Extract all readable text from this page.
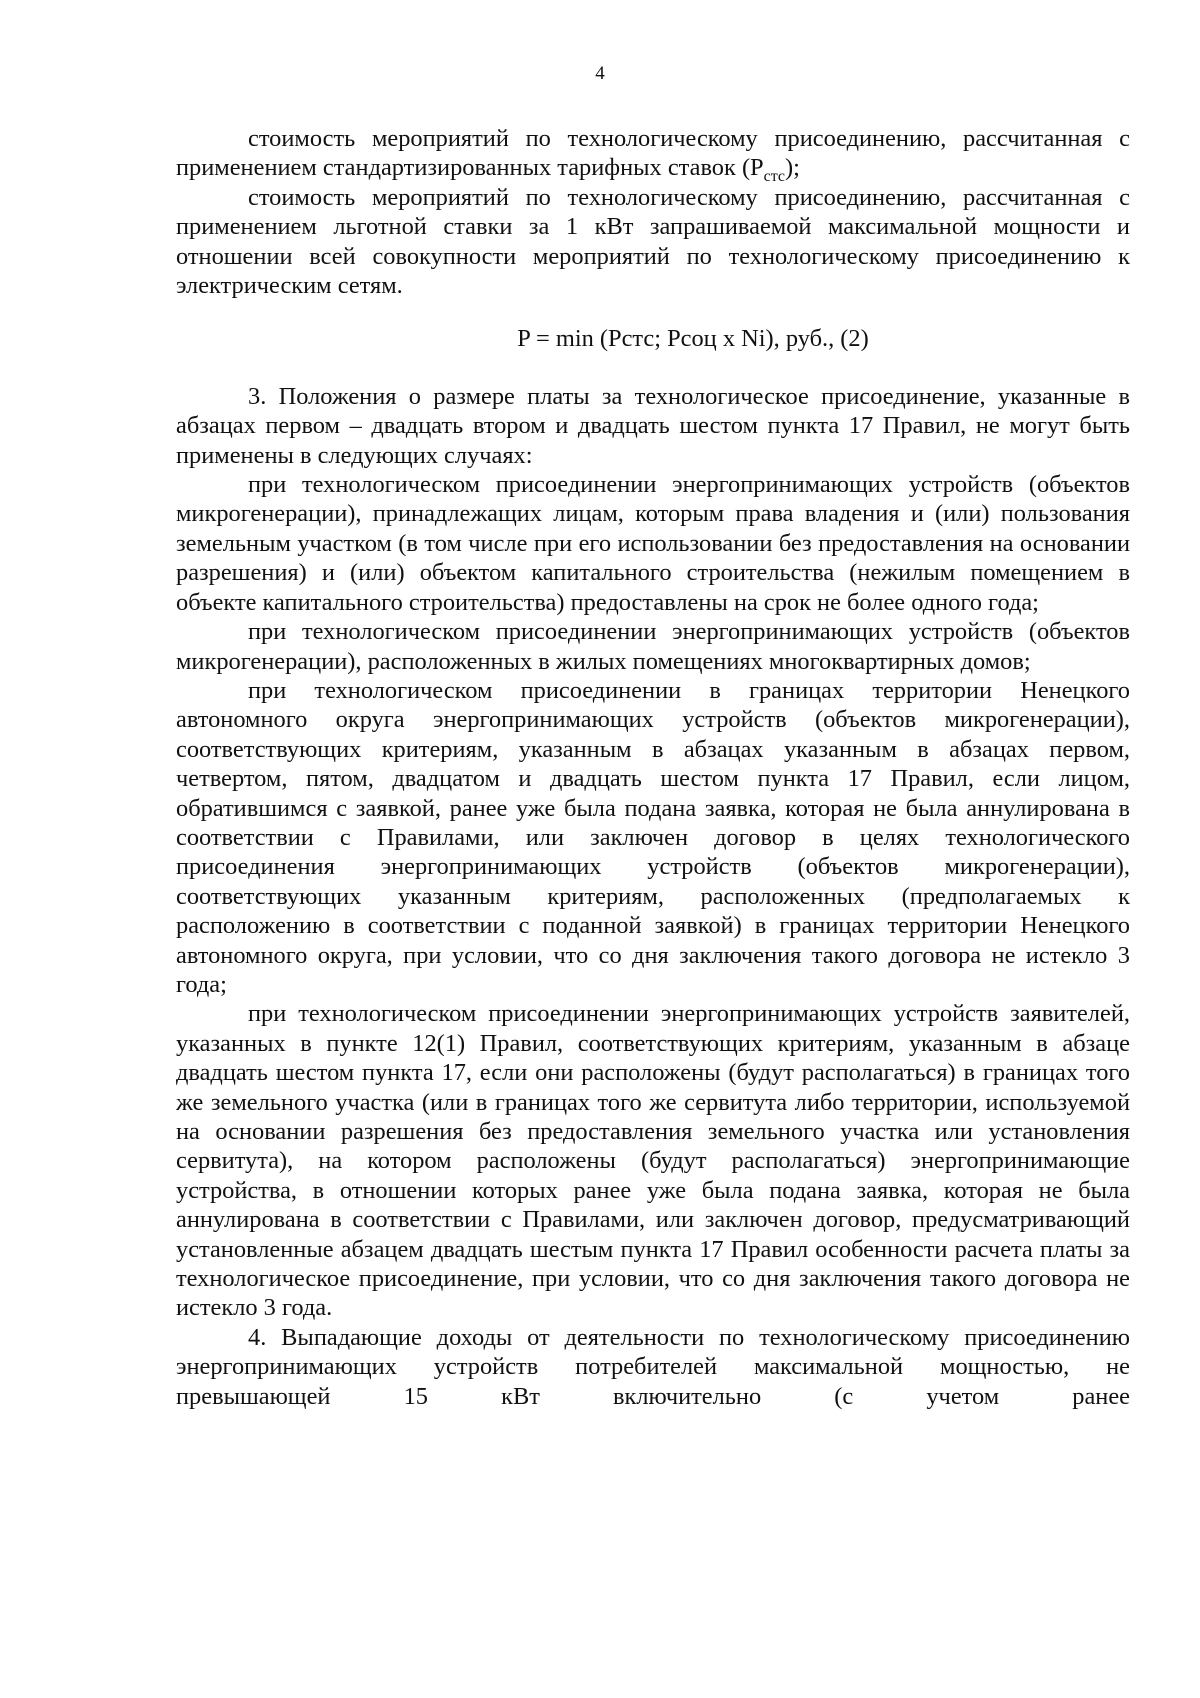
4

стоимость мероприятий по технологическому присоединению, рассчитанная с применением стандартизированных тарифных ставок $(P_{стс})$;

стоимость мероприятий по технологическому присоединению, рассчитанная с применением льготной ставки за 1 кВт запрашиваемой максимальной мощности и отношении всей совокупности мероприятий по технологическому присоединению к электрическим сетям.

P = min (Pстс; Pсоц x Ni), руб., (2)

3. Положения о размере платы за технологическое присоединение, указанные в абзацах первом – двадцать втором и двадцать шестом пункта 17 Правил, не могут быть применены в следующих случаях:

при технологическом присоединении энергопринимающих устройств (объектов микрогенерации), принадлежащих лицам, которым права владения и (или) пользования земельным участком (в том числе при его использовании без предоставления на основании разрешения) и (или) объектом капитального строительства (нежилым помещением в объекте капитального строительства) предоставлены на срок не более одного года;

при технологическом присоединении энергопринимающих устройств (объектов микрогенерации), расположенных в жилых помещениях многоквартирных домов;

при технологическом присоединении в границах территории Ненецкого автономного округа энергопринимающих устройств (объектов микрогенерации), соответствующих критериям, указанным в абзацах указанным в абзацах первом, четвертом, пятом, двадцатом и двадцать шестом пункта 17 Правил, если лицом, обратившимся с заявкой, ранее уже была подана заявка, которая не была аннулирована в соответствии с Правилами, или заключен договор в целях технологического присоединения энергопринимающих устройств (объектов микрогенерации), соответствующих указанным критериям, расположенных (предполагаемых к расположению в соответствии с поданной заявкой) в границах территории Ненецкого автономного округа, при условии, что со дня заключения такого договора не истекло 3 года;

при технологическом присоединении энергопринимающих устройств заявителей, указанных в пункте 12(1) Правил, соответствующих критериям, указанным в абзаце двадцать шестом пункта 17, если они расположены (будут располагаться) в границах того же земельного участка (или в границах того же сервитута либо территории, используемой на основании разрешения без предоставления земельного участка или установления сервитута), на котором расположены (будут располагаться) энергопринимающие устройства, в отношении которых ранее уже была подана заявка, которая не была аннулирована в соответствии с Правилами, или заключен договор, предусматривающий установленные абзацем двадцать шестым пункта 17 Правил особенности расчета платы за технологическое присоединение, при условии, что со дня заключения такого договора не истекло 3 года.

4. Выпадающие доходы от деятельности по технологическому присоединению энергопринимающих устройств потребителей максимальной мощностью, не превышающей 15 кВт включительно (с учетом ранее
